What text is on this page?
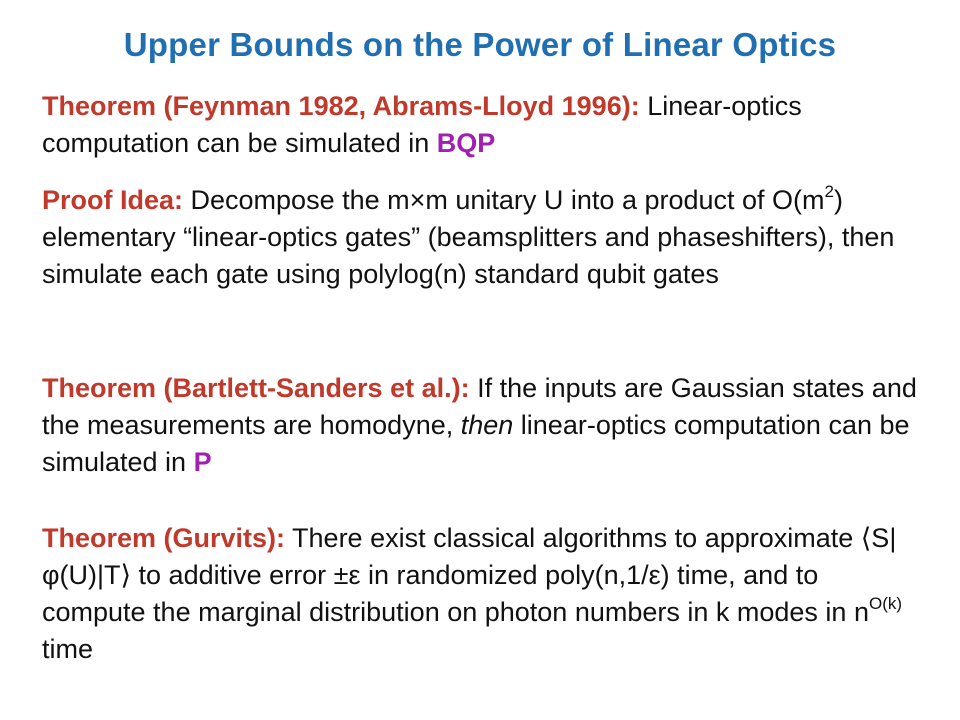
Upper Bounds on the Power of Linear Optics
Theorem (Feynman 1982, Abrams-Lloyd 1996): Linear-optics computation can be simulated in BQP
Proof Idea: Decompose the m×m unitary U into a product of $O(m^2)$ elementary “linear-optics gates” (beamsplitters and phaseshifters), then simulate each gate using polylog(n) standard qubit gates
Theorem (Bartlett-Sanders et al.): If the inputs are Gaussian states and the measurements are homodyne, then linear-optics computation can be simulated in P
Theorem (Gurvits): There exist classical algorithms to approximate ⟨S|φ(U)|T⟩ to additive error ±ε in randomized poly(n,1/ε) time, and to compute the marginal distribution on photon numbers in k modes in $n^{O(k)}$ time
